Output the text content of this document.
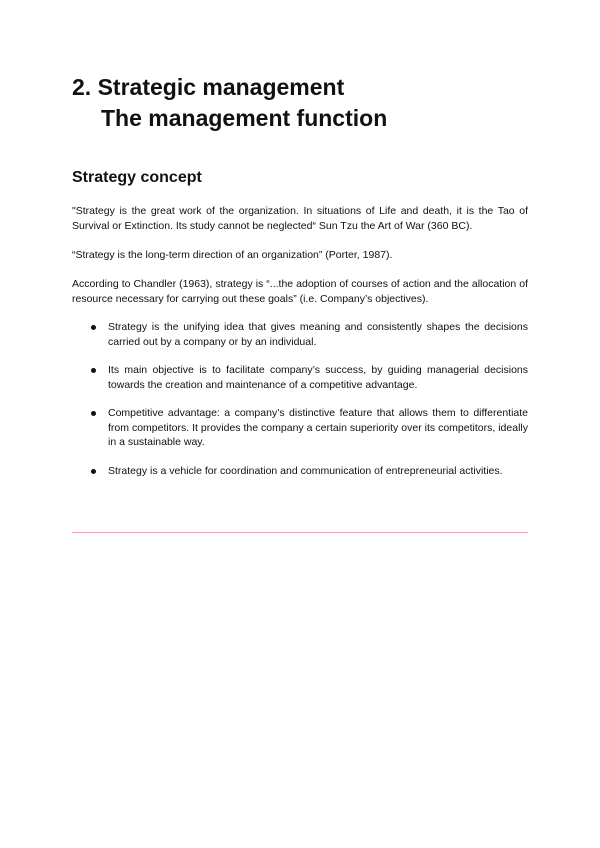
2. Strategic management
The management function
Strategy concept

"Strategy is the great work of the organization. In situations of Life and death, it is the Tao of Survival or Extinction. Its study cannot be neglected“ Sun Tzu the Art of War (360 BC).

“Strategy is the long-term direction of an organization” (Porter, 1987).

According to Chandler (1963), strategy is “...the adoption of courses of action and the allocation of resource necessary for carrying out these goals” (i.e. Company’s objectives).

Strategy is the unifying idea that gives meaning and consistently shapes the decisions carried out by a company or by an individual.
Its main objective is to facilitate company’s success, by guiding managerial decisions towards the creation and maintenance of a competitive advantage.
Competitive advantage: a company’s distinctive feature that allows them to differentiate from competitors. It provides the company a certain superiority over its competitors, ideally in a sustainable way.
Strategy is a vehicle for coordination and communication of entrepreneurial activities.
